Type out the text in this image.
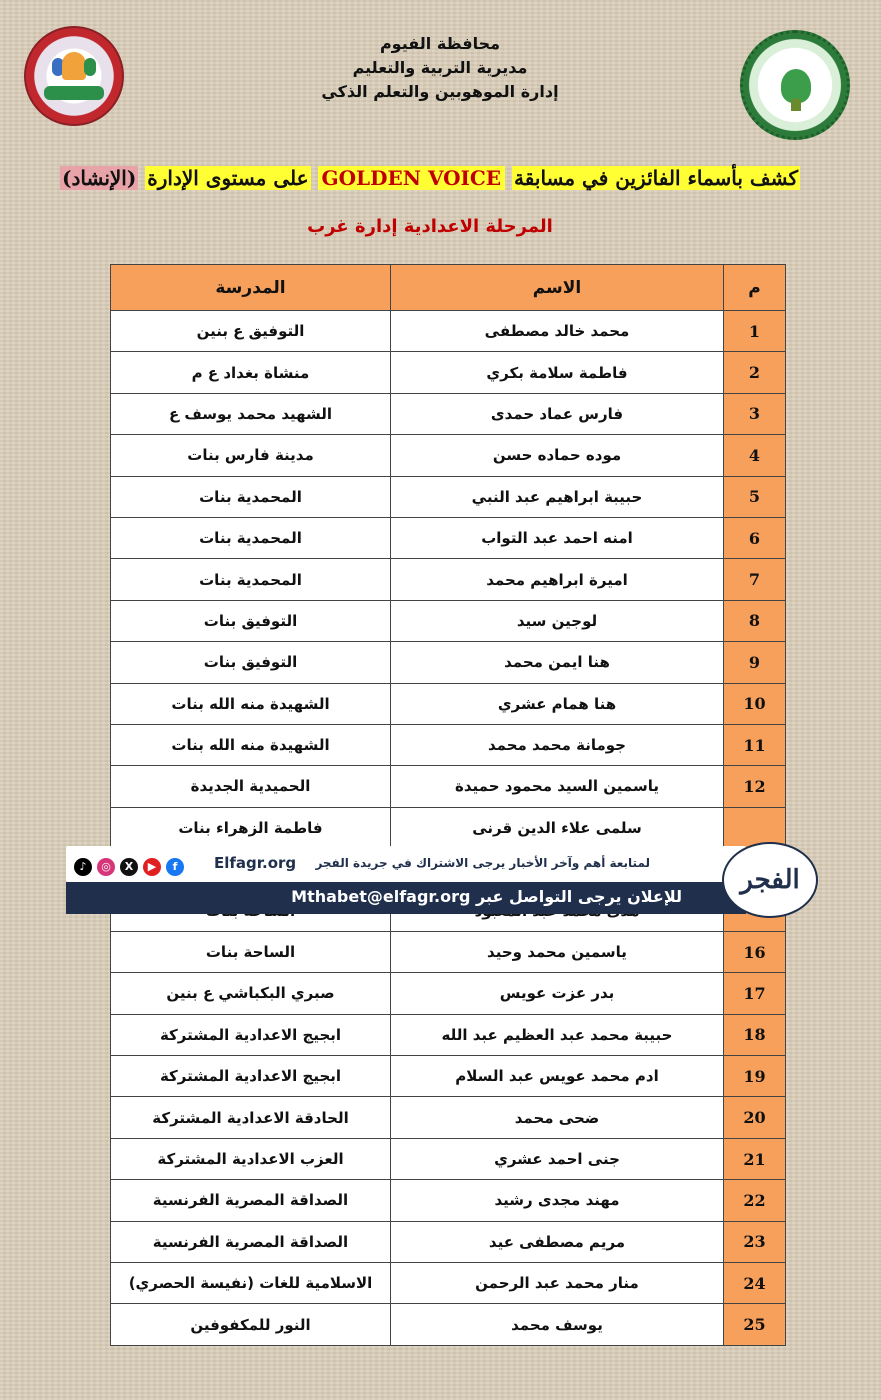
محافظة الفيوم
مديرية التربية والتعليم
إدارة الموهوبين والتعلم الذكي
كشف بأسماء الفائزين في مسابقة GOLDEN VOICE على مستوى الإدارة (الإنشاد)
المرحلة الاعدادية إدارة غرب
م	الاسم	المدرسة
1	محمد خالد مصطفى	التوفيق ع بنين
2	فاطمة سلامة بكري	منشاة بغداد ع م
3	فارس عماد حمدى	الشهيد محمد يوسف ع
4	موده حماده حسن	مدينة فارس بنات
5	حبيبة ابراهيم عبد النبي	المحمدية بنات
6	امنه احمد عبد التواب	المحمدية بنات
7	اميرة ابراهيم محمد	المحمدية بنات
8	لوجين سيد	التوفيق بنات
9	هنا ايمن محمد	التوفيق بنات
10	هنا همام عشري	الشهيدة منه الله بنات
11	جومانة محمد محمد	الشهيدة منه الله بنات
12	ياسمين السيد محمود حميدة	الحميدية الجديدة
	سلمى علاء الدين قرنى	فاطمة الزهراء بنات

16	ياسمين محمد وحيد	الساحة بنات
17	بدر عزت عويس	صبري البكباشي ع بنين
18	حبيبة محمد عبد العظيم عبد الله	ابجيج الاعدادية المشتركة
19	ادم محمد عويس عبد السلام	ابجيج الاعدادية المشتركة
20	ضحى محمد	الحادقة الاعدادية المشتركة
21	جنى احمد عشري	العزب الاعدادية المشتركة
22	مهند مجدى رشيد	الصداقة المصرية الفرنسية
23	مريم مصطفى عيد	الصداقة المصرية الفرنسية
24	منار محمد عبد الرحمن	الاسلامية للغات (نفيسة الحصري)
25	يوسف محمد	النور للمكفوفين
♪ ◎ X ▶ f	Elfagr.org لمتابعة أهم وآخر الأخبار يرجى الاشتراك في جريدة الفجر
للإعلان يرجى التواصل عبر Mthabet@elfagr.org
الفجر
